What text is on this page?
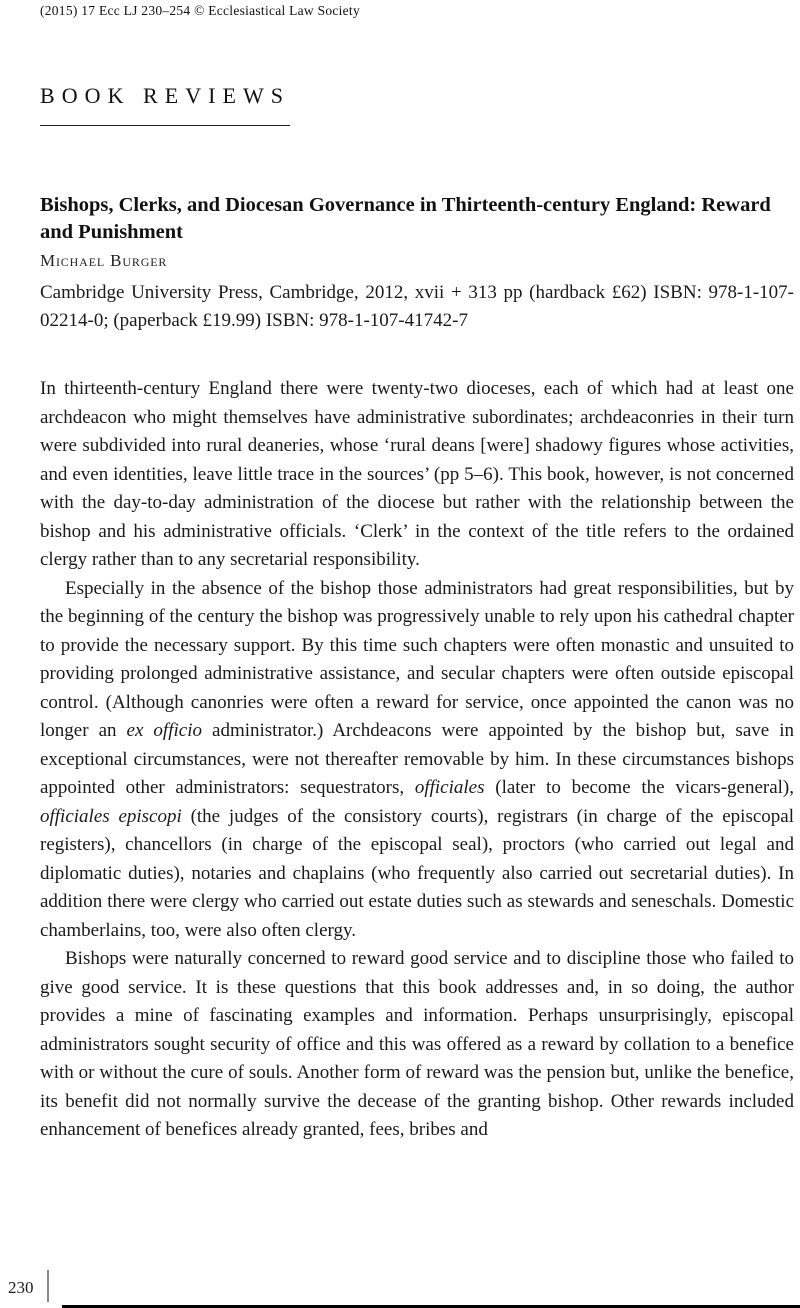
(2015) 17 Ecc LJ 230–254 © Ecclesiastical Law Society
BOOK REVIEWS
Bishops, Clerks, and Diocesan Governance in Thirteenth-century England: Reward and Punishment
Michael Burger
Cambridge University Press, Cambridge, 2012, xvii + 313 pp (hardback £62) ISBN: 978-1-107-02214-0; (paperback £19.99) ISBN: 978-1-107-41742-7

In thirteenth-century England there were twenty-two dioceses, each of which had at least one archdeacon who might themselves have administrative subordinates; archdeaconries in their turn were subdivided into rural deaneries, whose ‘rural deans [were] shadowy figures whose activities, and even identities, leave little trace in the sources’ (pp 5–6). This book, however, is not concerned with the day-to-day administration of the diocese but rather with the relationship between the bishop and his administrative officials. ‘Clerk’ in the context of the title refers to the ordained clergy rather than to any secretarial responsibility.

Especially in the absence of the bishop those administrators had great responsibilities, but by the beginning of the century the bishop was progressively unable to rely upon his cathedral chapter to provide the necessary support. By this time such chapters were often monastic and unsuited to providing prolonged administrative assistance, and secular chapters were often outside episcopal control. (Although canonries were often a reward for service, once appointed the canon was no longer an ex officio administrator.) Archdeacons were appointed by the bishop but, save in exceptional circumstances, were not thereafter removable by him. In these circumstances bishops appointed other administrators: sequestrators, officiales (later to become the vicars-general), officiales episcopi (the judges of the consistory courts), registrars (in charge of the episcopal registers), chancellors (in charge of the episcopal seal), proctors (who carried out legal and diplomatic duties), notaries and chaplains (who frequently also carried out secretarial duties). In addition there were clergy who carried out estate duties such as stewards and seneschals. Domestic chamberlains, too, were also often clergy.

Bishops were naturally concerned to reward good service and to discipline those who failed to give good service. It is these questions that this book addresses and, in so doing, the author provides a mine of fascinating examples and information. Perhaps unsurprisingly, episcopal administrators sought security of office and this was offered as a reward by collation to a benefice with or without the cure of souls. Another form of reward was the pension but, unlike the benefice, its benefit did not normally survive the decease of the granting bishop. Other rewards included enhancement of benefices already granted, fees, bribes and

230
